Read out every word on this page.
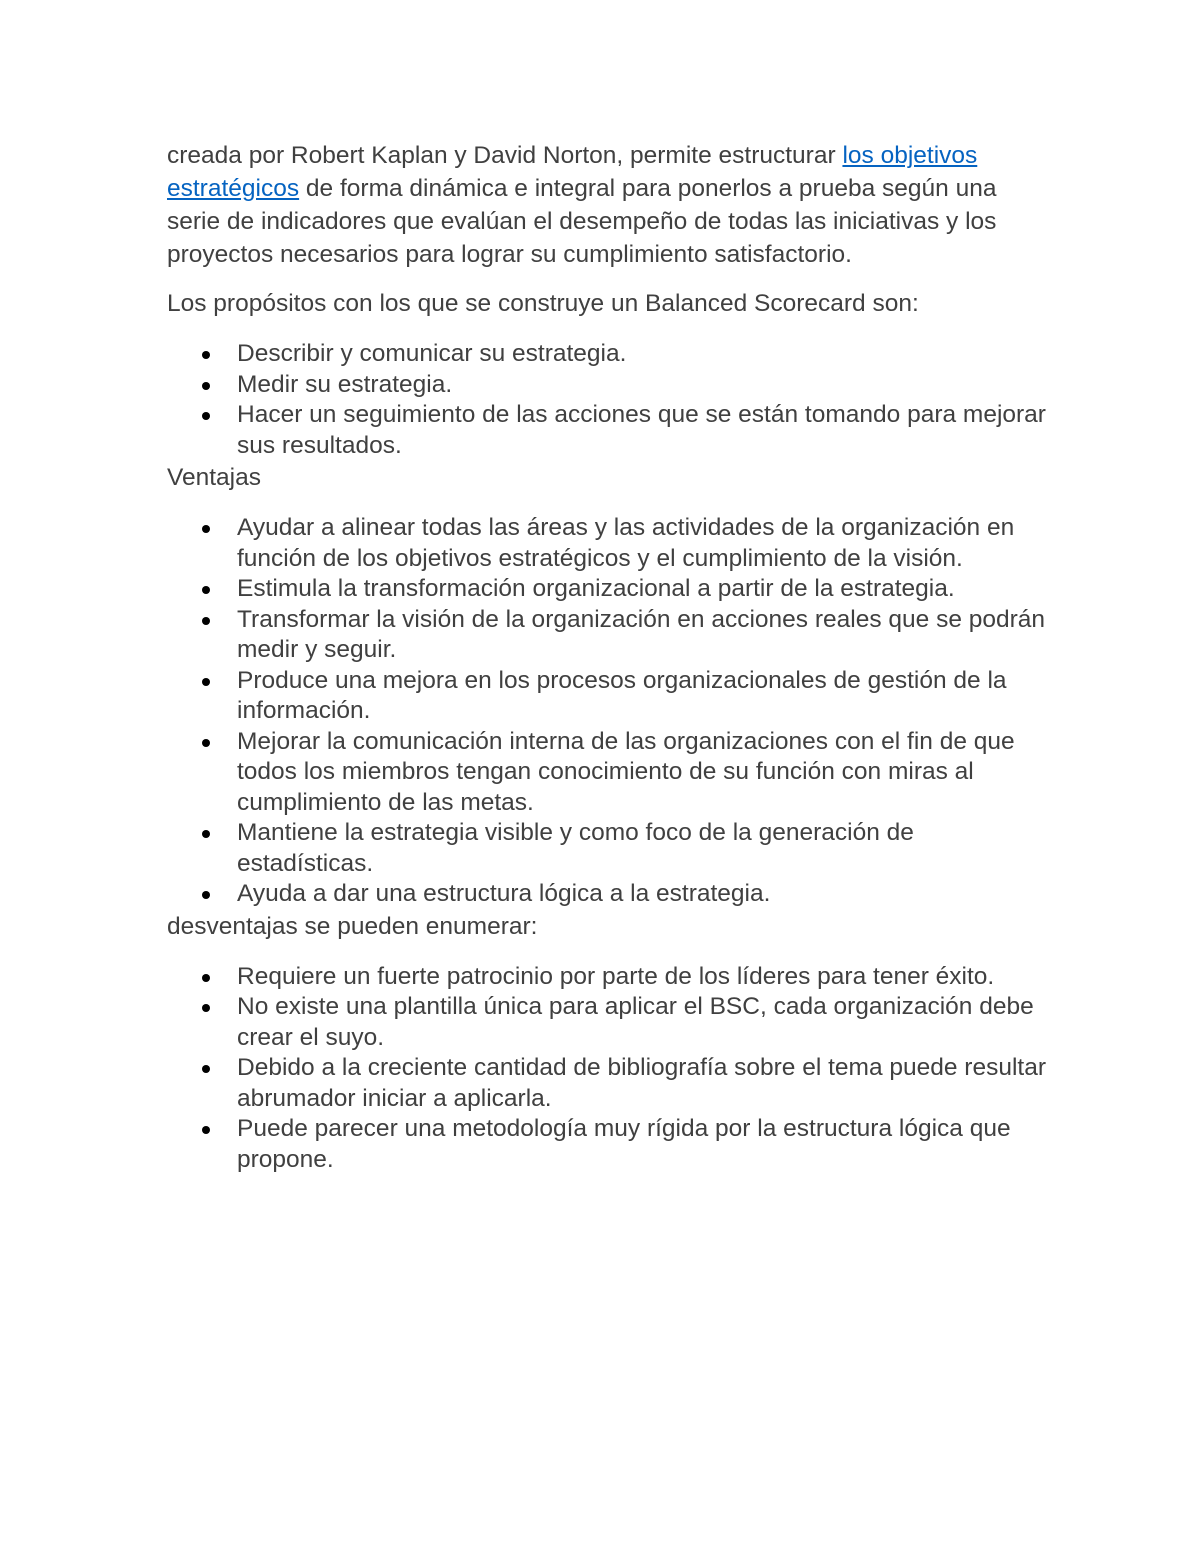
creada por Robert Kaplan y David Norton, permite estructurar los objetivos estratégicos de forma dinámica e integral para ponerlos a prueba según una serie de indicadores que evalúan el desempeño de todas las iniciativas y los proyectos necesarios para lograr su cumplimiento satisfactorio.

Los propósitos con los que se construye un Balanced Scorecard son:

Describir y comunicar su estrategia.
Medir su estrategia.
Hacer un seguimiento de las acciones que se están tomando para mejorar sus resultados.

Ventajas

Ayudar a alinear todas las áreas y las actividades de la organización en función de los objetivos estratégicos y el cumplimiento de la visión.
Estimula la transformación organizacional a partir de la estrategia.
Transformar la visión de la organización en acciones reales que se podrán medir y seguir.
Produce una mejora en los procesos organizacionales de gestión de la información.
Mejorar la comunicación interna de las organizaciones con el fin de que todos los miembros tengan conocimiento de su función con miras al cumplimiento de las metas.
Mantiene la estrategia visible y como foco de la generación de estadísticas.
Ayuda a dar una estructura lógica a la estrategia.

desventajas se pueden enumerar:

Requiere un fuerte patrocinio por parte de los líderes para tener éxito.
No existe una plantilla única para aplicar el BSC, cada organización debe crear el suyo.
Debido a la creciente cantidad de bibliografía sobre el tema puede resultar abrumador iniciar a aplicarla.
Puede parecer una metodología muy rígida por la estructura lógica que propone.
